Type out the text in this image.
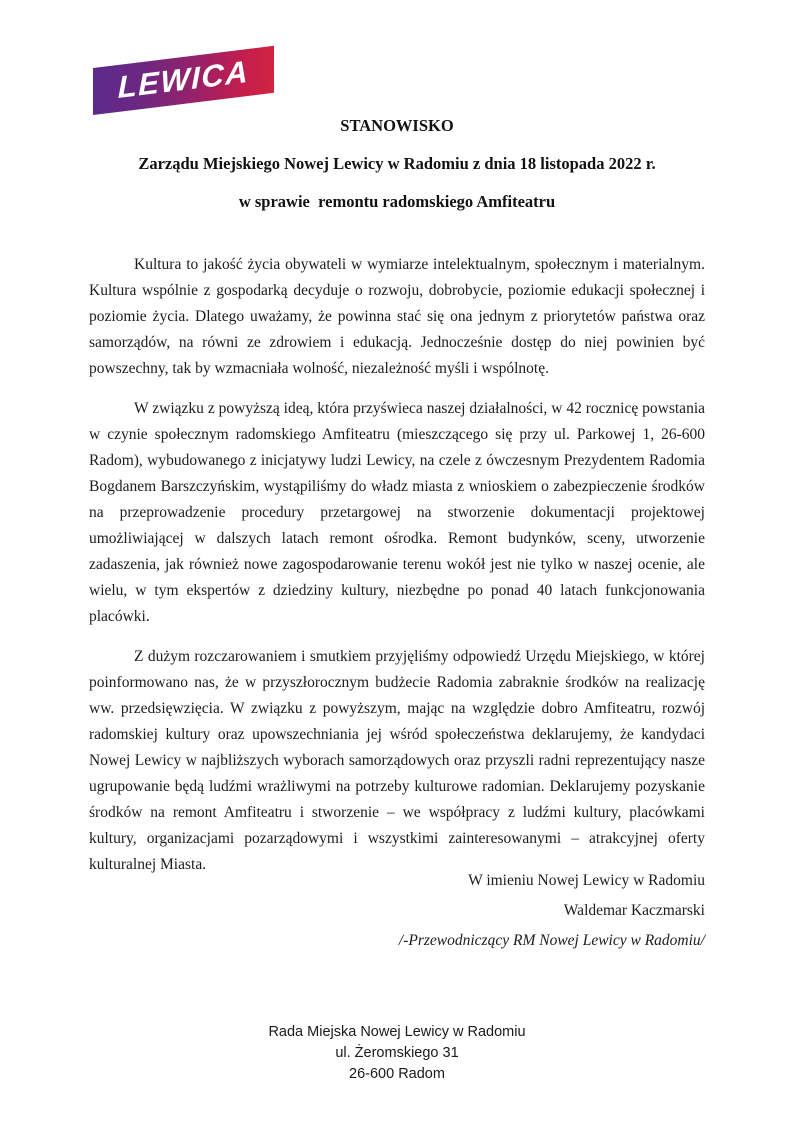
LEWICA
STANOWISKO
Zarządu Miejskiego Nowej Lewicy w Radomiu z dnia 18 listopada 2022 r.
w sprawie  remontu radomskiego Amfiteatru

Kultura to jakość życia obywateli w wymiarze intelektualnym, społecznym i materialnym. Kultura wspólnie z gospodarką decyduje o rozwoju, dobrobycie, poziomie edukacji społecznej i poziomie życia. Dlatego uważamy, że powinna stać się ona jednym z priorytetów państwa oraz samorządów, na równi ze zdrowiem i edukacją. Jednocześnie dostęp do niej powinien być powszechny, tak by wzmacniała wolność, niezależność myśli i wspólnotę.

W związku z powyższą ideą, która przyświeca naszej działalności, w 42 rocznicę powstania w czynie społecznym radomskiego Amfiteatru (mieszczącego się przy ul. Parkowej 1, 26-600 Radom), wybudowanego z inicjatywy ludzi Lewicy, na czele z ówczesnym Prezydentem Radomia Bogdanem Barszczyńskim, wystąpiliśmy do władz miasta z wnioskiem o zabezpieczenie środków na przeprowadzenie procedury przetargowej na stworzenie dokumentacji projektowej umożliwiającej w dalszych latach remont ośrodka. Remont budynków, sceny, utworzenie zadaszenia, jak również nowe zagospodarowanie terenu wokół jest nie tylko w naszej ocenie, ale wielu, w tym ekspertów z dziedziny kultury, niezbędne po ponad 40 latach funkcjonowania placówki.

Z dużym rozczarowaniem i smutkiem przyjęliśmy odpowiedź Urzędu Miejskiego, w której poinformowano nas, że w przyszłorocznym budżecie Radomia zabraknie środków na realizację ww. przedsięwzięcia. W związku z powyższym, mając na względzie dobro Amfiteatru, rozwój radomskiej kultury oraz upowszechniania jej wśród społeczeństwa deklarujemy, że kandydaci Nowej Lewicy w najbliższych wyborach samorządowych oraz przyszli radni reprezentujący nasze ugrupowanie będą ludźmi wrażliwymi na potrzeby kulturowe radomian. Deklarujemy pozyskanie środków na remont Amfiteatru i stworzenie – we współpracy z ludźmi kultury, placówkami kultury, organizacjami pozarządowymi i wszystkimi zainteresowanymi – atrakcyjnej oferty kulturalnej Miasta.

W imieniu Nowej Lewicy w Radomiu
Waldemar Kaczmarski
/-Przewodniczący RM Nowej Lewicy w Radomiu/
Rada Miejska Nowej Lewicy w Radomiu
ul. Żeromskiego 31
26-600 Radom
